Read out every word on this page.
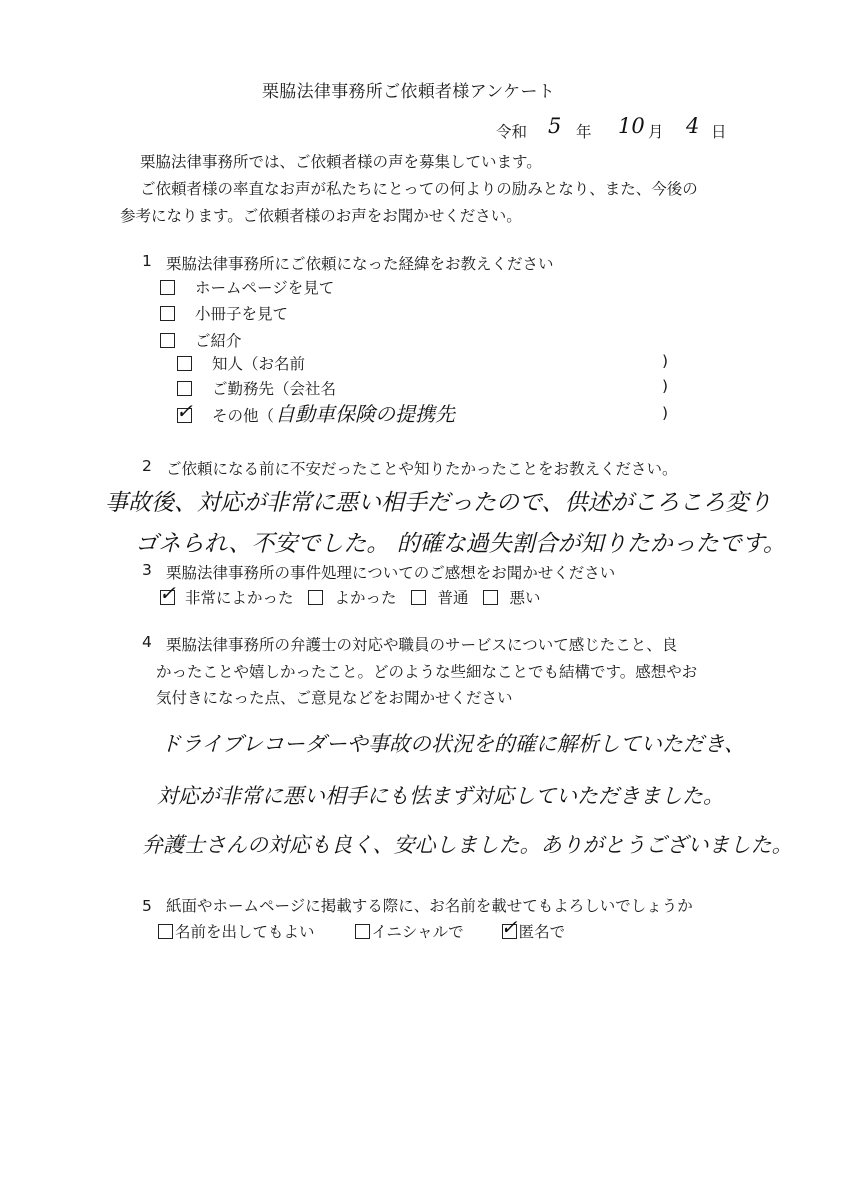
栗脇法律事務所ご依頼者様アンケート
令和 5 年 10 月 4 日
栗脇法律事務所では、ご依頼者様の声を募集しています。
ご依頼者様の率直なお声が私たちにとっての何よりの励みとなり、また、今後の
参考になります。ご依頼者様のお声をお聞かせください。
1 栗脇法律事務所にご依頼になった経緯をお教えください
ホームページを見て
小冊子を見て
ご紹介
知人（お名前	)
ご勤務先（会社名	)
✓ その他（ 自動車保険の提携先	)
2 ご依頼になる前に不安だったことや知りたかったことをお教えください。
事故後、対応が非常に悪い相手だったので、供述がころころ変り
ゴネられ、不安でした。 的確な過失割合が知りたかったです。
3 栗脇法律事務所の事件処理についてのご感想をお聞かせください
✓ 非常によかった	よかった	普通	悪い
4 栗脇法律事務所の弁護士の対応や職員のサービスについて感じたこと、良
かったことや嬉しかったこと。どのような些細なことでも結構です。感想やお
気付きになった点、ご意見などをお聞かせください
ドライブレコーダーや事故の状況を的確に解析していただき、
対応が非常に悪い相手にも怯まず対応していただきました。
弁護士さんの対応も良く、安心しました。ありがとうございました。
5 紙面やホームページに掲載する際に、お名前を載せてもよろしいでしょうか
名前を出してもよい	イニシャルで ✓ 匿名で
